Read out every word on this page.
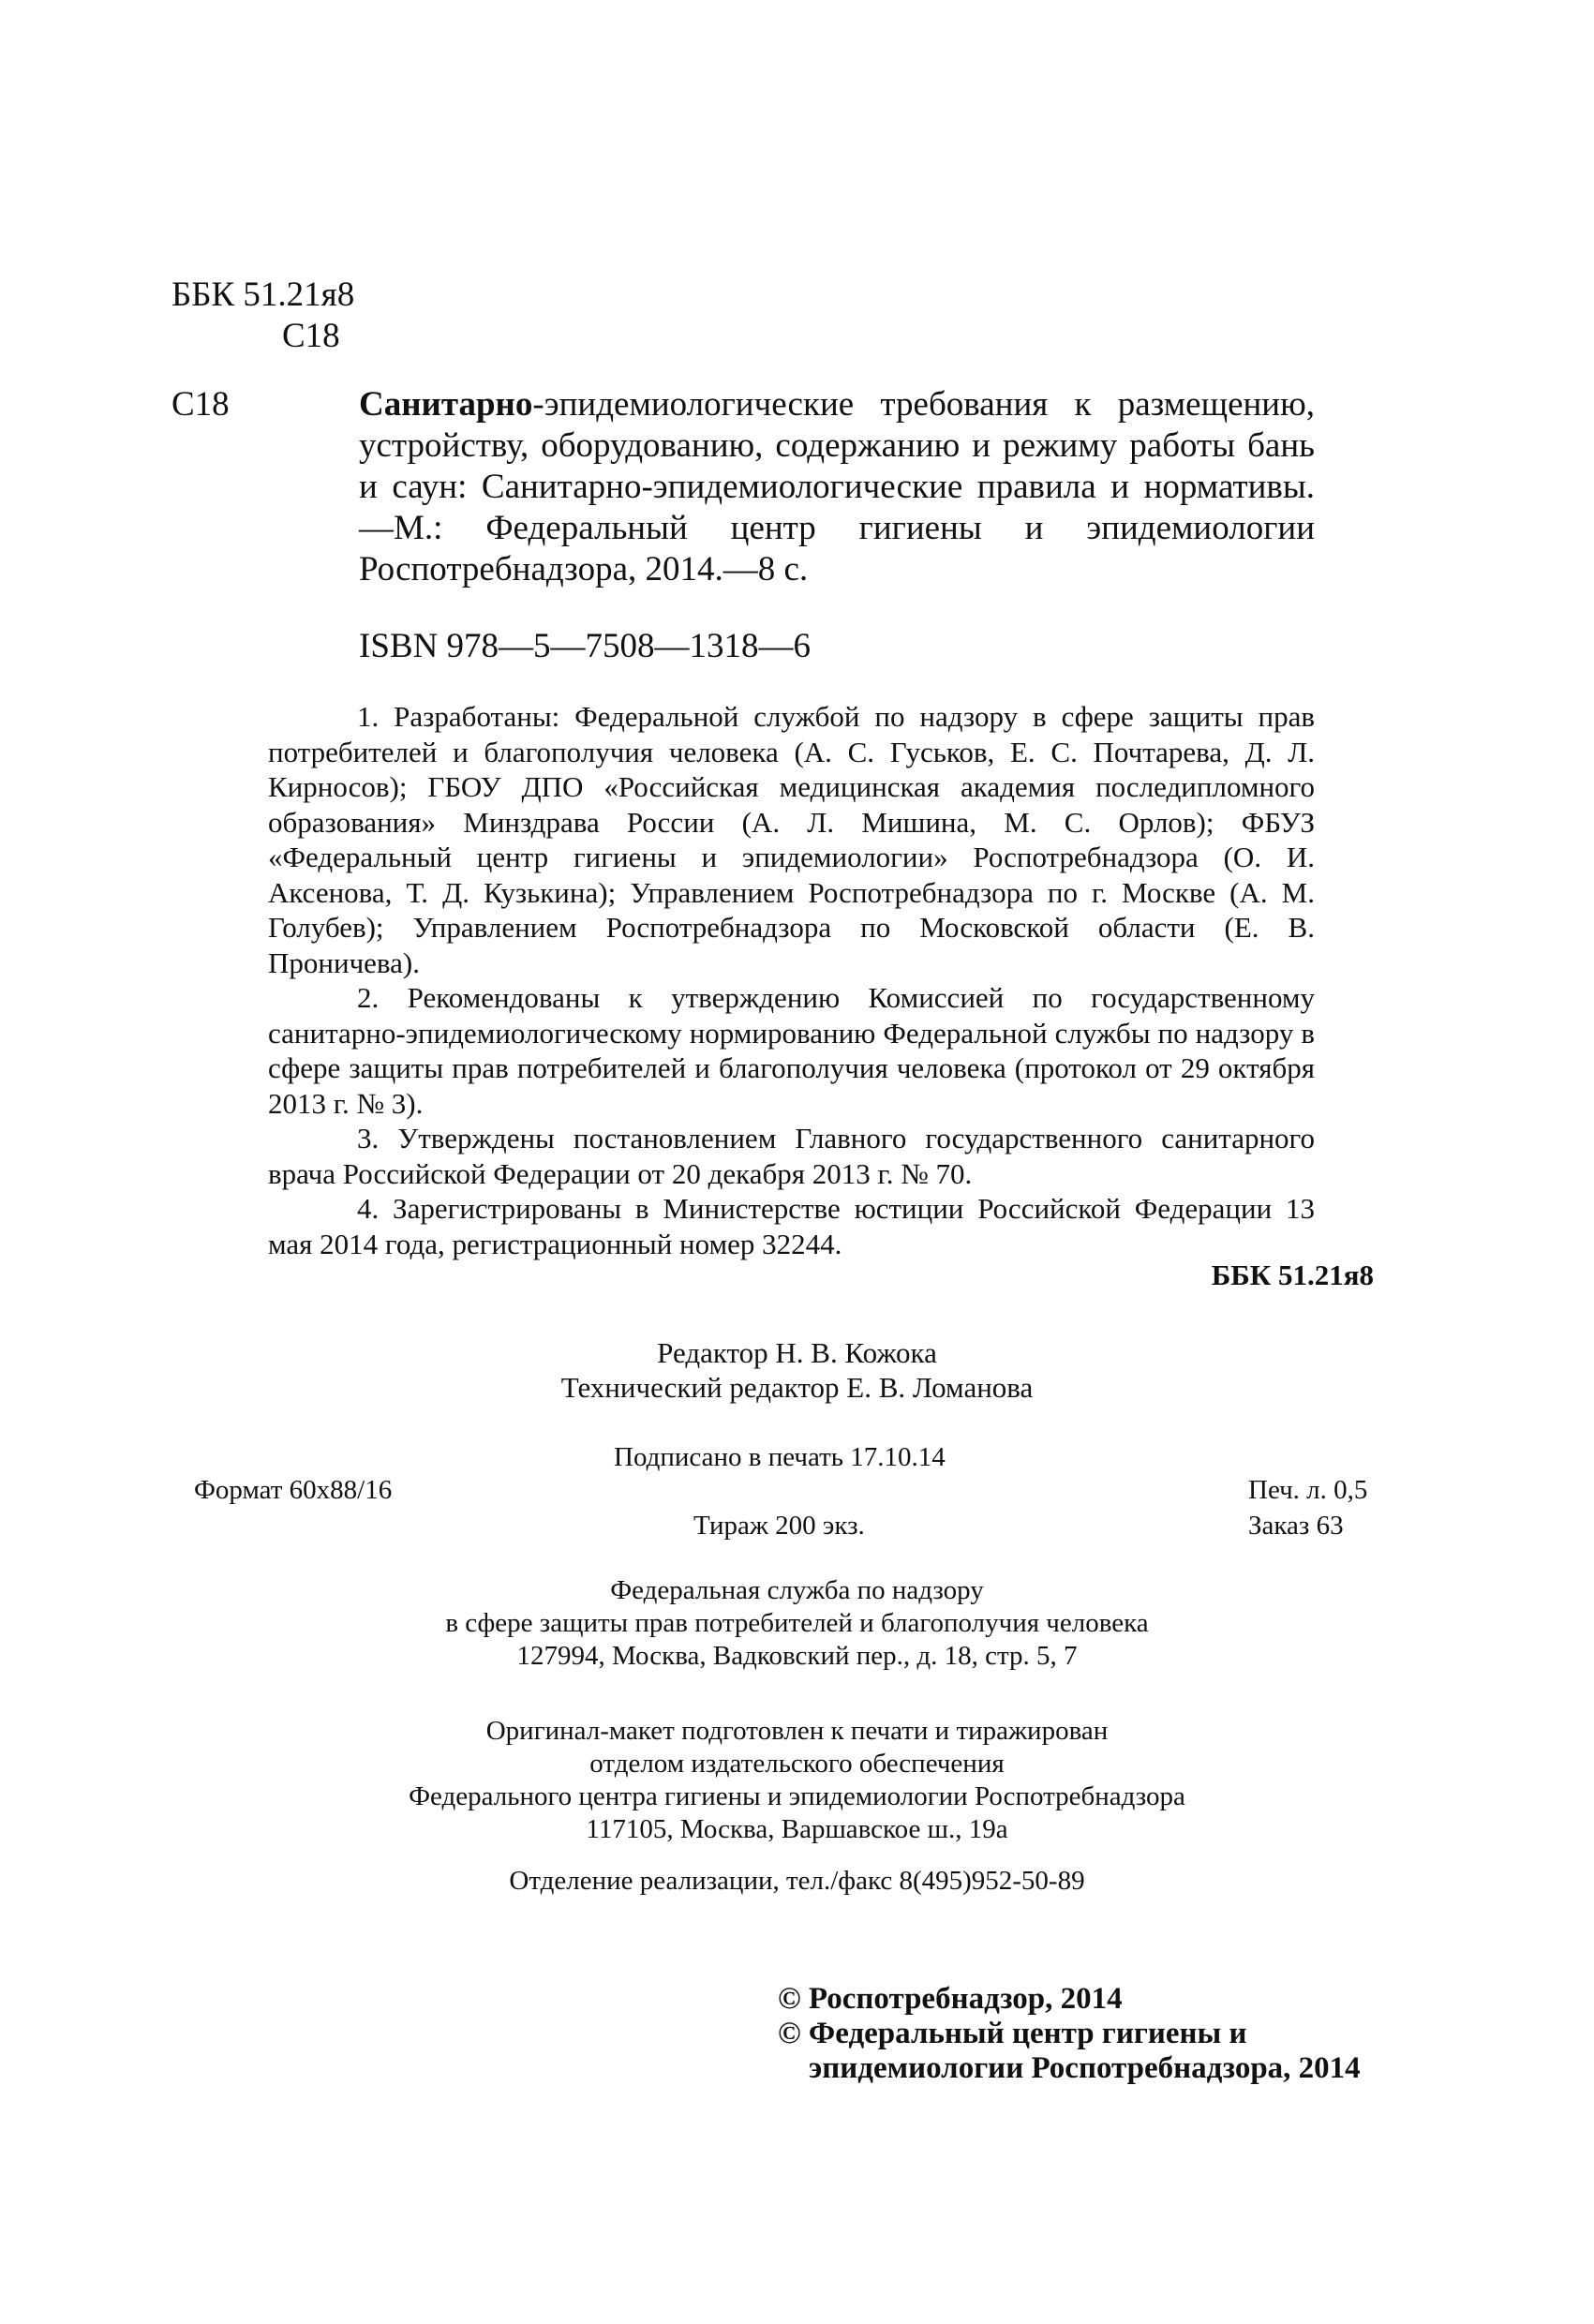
ББК 51.21я8
С18
С18	Санитарно-эпидемиологические требования к размещению, устройству, оборудованию, содержанию и режиму работы бань и саун: Санитарно-эпидемиологические правила и нормативы.—М.: Федеральный центр гигиены и эпидемиологии Роспотребнадзора, 2014.—8 с.
ISBN 978—5—7508—1318—6

1. Разработаны: Федеральной службой по надзору в сфере защиты прав потребителей и благополучия человека (А. С. Гуськов, Е. С. Почтарева, Д. Л. Кирносов); ГБОУ ДПО «Российская медицинская академия последипломного образования» Минздрава России (А. Л. Мишина, М. С. Орлов); ФБУЗ «Федеральный центр гигиены и эпидемиологии» Роспотребнадзора (О. И. Аксенова, Т. Д. Кузькина); Управлением Роспотребнадзора по г. Москве (А. М. Голубев); Управлением Роспотребнадзора по Московской области (Е. В. Проничева).

2. Рекомендованы к утверждению Комиссией по государственному санитарно-эпидемиологическому нормированию Федеральной службы по надзору в сфере защиты прав потребителей и благополучия человека (протокол от 29 октября 2013 г. № 3).

3. Утверждены постановлением Главного государственного санитарного врача Российской Федерации от 20 декабря 2013 г. № 70.

4. Зарегистрированы в Министерстве юстиции Российской Федерации 13 мая 2014 года, регистрационный номер 32244.

ББК 51.21я8
Редактор Н. В. Кожока
Технический редактор Е. В. Ломанова
Подписано в печать 17.10.14
Формат 60x88/16	Печ. л. 0,5
Тираж 200 экз.	Заказ 63
Федеральная служба по надзору
в сфере защиты прав потребителей и благополучия человека
127994, Москва, Вадковский пер., д. 18, стр. 5, 7
Оригинал-макет подготовлен к печати и тиражирован
отделом издательского обеспечения
Федерального центра гигиены и эпидемиологии Роспотребнадзора
117105, Москва, Варшавское ш., 19а
Отделение реализации, тел./факс 8(495)952-50-89
© Роспотребнадзор, 2014
© Федеральный центр гигиены и
эпидемиологии Роспотребнадзора, 2014
